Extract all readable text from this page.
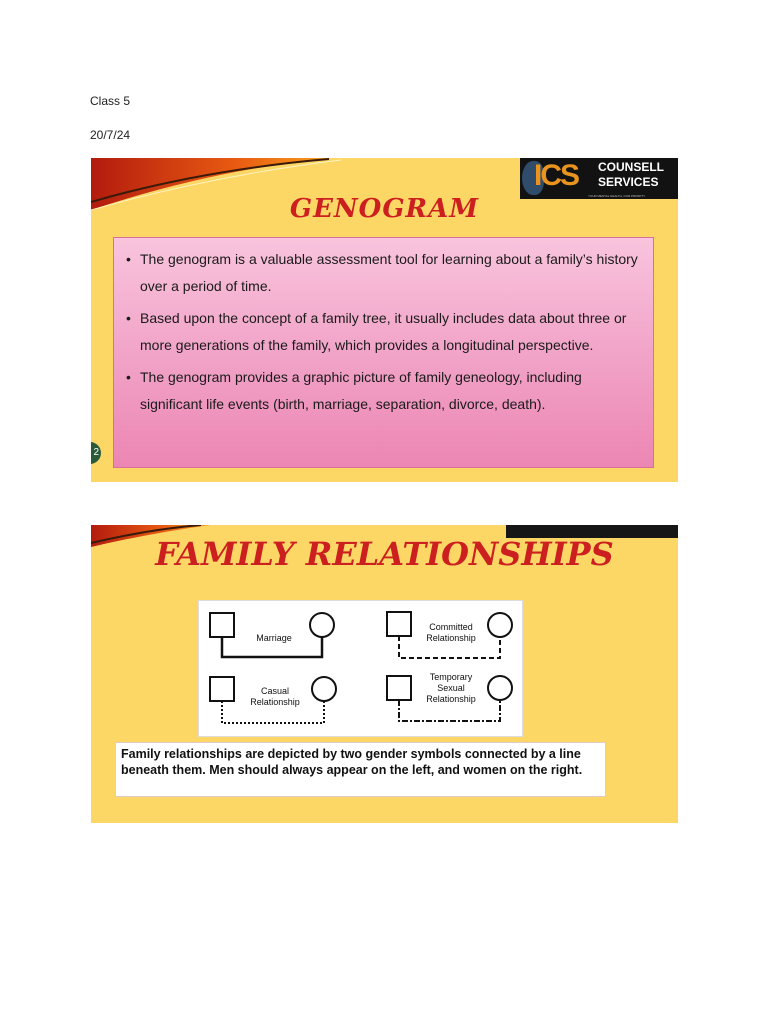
Class 5
20/7/24
ICS COUNSELL
SERVICES
YOUR MENTAL HEALTH, OUR PRIORITY
GENOGRAM
• The genogram is a valuable assessment tool for learning about a family’s history over a period of time.
• Based upon the concept of a family tree, it usually includes data about three or more generations of the family, which provides a longitudinal perspective.
• The genogram provides a graphic picture of family geneology, including significant life events (birth, marriage, separation, divorce, death).
2
FAMILY RELATIONSHIPS
Marriage
Committed
Relationship
Casual
Relationship
Temporary
Sexual
Relationship
Family relationships are depicted by two gender symbols connected by a line beneath them. Men should always appear on the left, and women on the right.
